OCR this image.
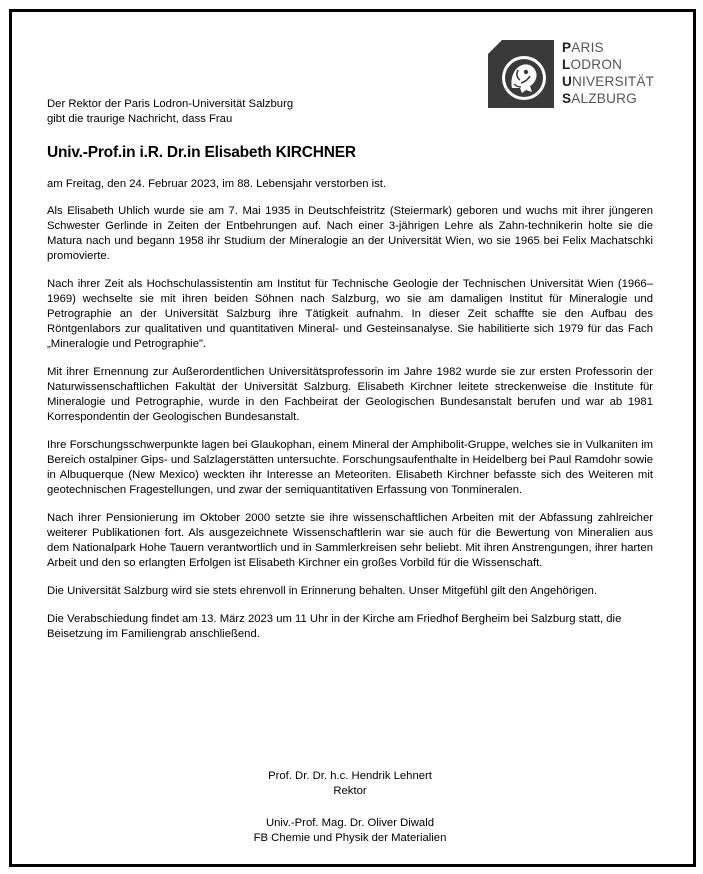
PARIS
LODRON
UNIVERSITÄT
SALZBURG
Der Rektor der Paris Lodron-Universität Salzburg
gibt die traurige Nachricht, dass Frau
Univ.-Prof.in i.R. Dr.in Elisabeth KIRCHNER

am Freitag, den 24. Februar 2023, im 88. Lebensjahr verstorben ist.

Als Elisabeth Uhlich wurde sie am 7. Mai 1935 in Deutschfeistritz (Steiermark) geboren und wuchs mit ihrer jüngeren Schwester Gerlinde in Zeiten der Entbehrungen auf. Nach einer 3-jährigen Lehre als Zahn-technikerin holte sie die Matura nach und begann 1958 ihr Studium der Mineralogie an der Universität Wien, wo sie 1965 bei Felix Machatschki promovierte.

Nach ihrer Zeit als Hochschulassistentin am Institut für Technische Geologie der Technischen Universität Wien (1966–1969) wechselte sie mit ihren beiden Söhnen nach Salzburg, wo sie am damaligen Institut für Mineralogie und Petrographie an der Universität Salzburg ihre Tätigkeit aufnahm. In dieser Zeit schaffte sie den Aufbau des Röntgenlabors zur qualitativen und quantitativen Mineral- und Gesteinsanalyse. Sie habilitierte sich 1979 für das Fach „Mineralogie und Petrographie".

Mit ihrer Ernennung zur Außerordentlichen Universitätsprofessorin im Jahre 1982 wurde sie zur ersten Professorin der Naturwissenschaftlichen Fakultät der Universität Salzburg. Elisabeth Kirchner leitete streckenweise die Institute für Mineralogie und Petrographie, wurde in den Fachbeirat der Geologischen Bundesanstalt berufen und war ab 1981 Korrespondentin der Geologischen Bundesanstalt.

Ihre Forschungsschwerpunkte lagen bei Glaukophan, einem Mineral der Amphibolit-Gruppe, welches sie in Vulkaniten im Bereich ostalpiner Gips- und Salzlagerstätten untersuchte. Forschungsaufenthalte in Heidelberg bei Paul Ramdohr sowie in Albuquerque (New Mexico) weckten ihr Interesse an Meteoriten. Elisabeth Kirchner befasste sich des Weiteren mit geotechnischen Fragestellungen, und zwar der semiquantitativen Erfassung von Tonmineralen.

Nach ihrer Pensionierung im Oktober 2000 setzte sie ihre wissenschaftlichen Arbeiten mit der Abfassung zahlreicher weiterer Publikationen fort. Als ausgezeichnete Wissenschaftlerin war sie auch für die Bewertung von Mineralien aus dem Nationalpark Hohe Tauern verantwortlich und in Sammlerkreisen sehr beliebt. Mit ihren Anstrengungen, ihrer harten Arbeit und den so erlangten Erfolgen ist Elisabeth Kirchner ein großes Vorbild für die Wissenschaft.

Die Universität Salzburg wird sie stets ehrenvoll in Erinnerung behalten. Unser Mitgefühl gilt den Angehörigen.

Die Verabschiedung findet am 13. März 2023 um 11 Uhr in der Kirche am Friedhof Bergheim bei Salzburg statt, die Beisetzung im Familiengrab anschließend.

Prof. Dr. Dr. h.c. Hendrik Lehnert
Rektor
Univ.-Prof. Mag. Dr. Oliver Diwald
FB Chemie und Physik der Materialien
